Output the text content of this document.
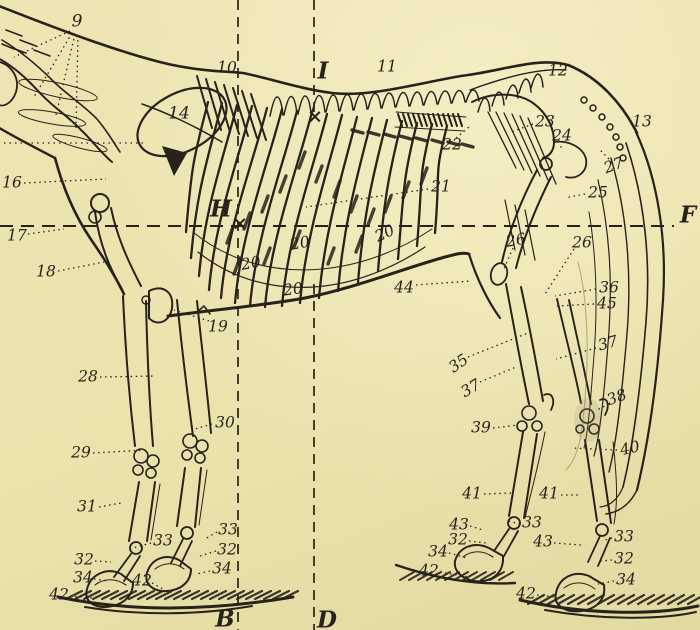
9
10	11	12
13
14
16
17
18
19
20
20
20
20
21
22
23
24
25
26	26
27
28
29
30
31
32
32
32
32
33
33	33
33
34	34
34
34
35
36
37
37
38
39
40
41	41
42
42
42
42
43
43
44
45
I
H	F
B	D
×
×
